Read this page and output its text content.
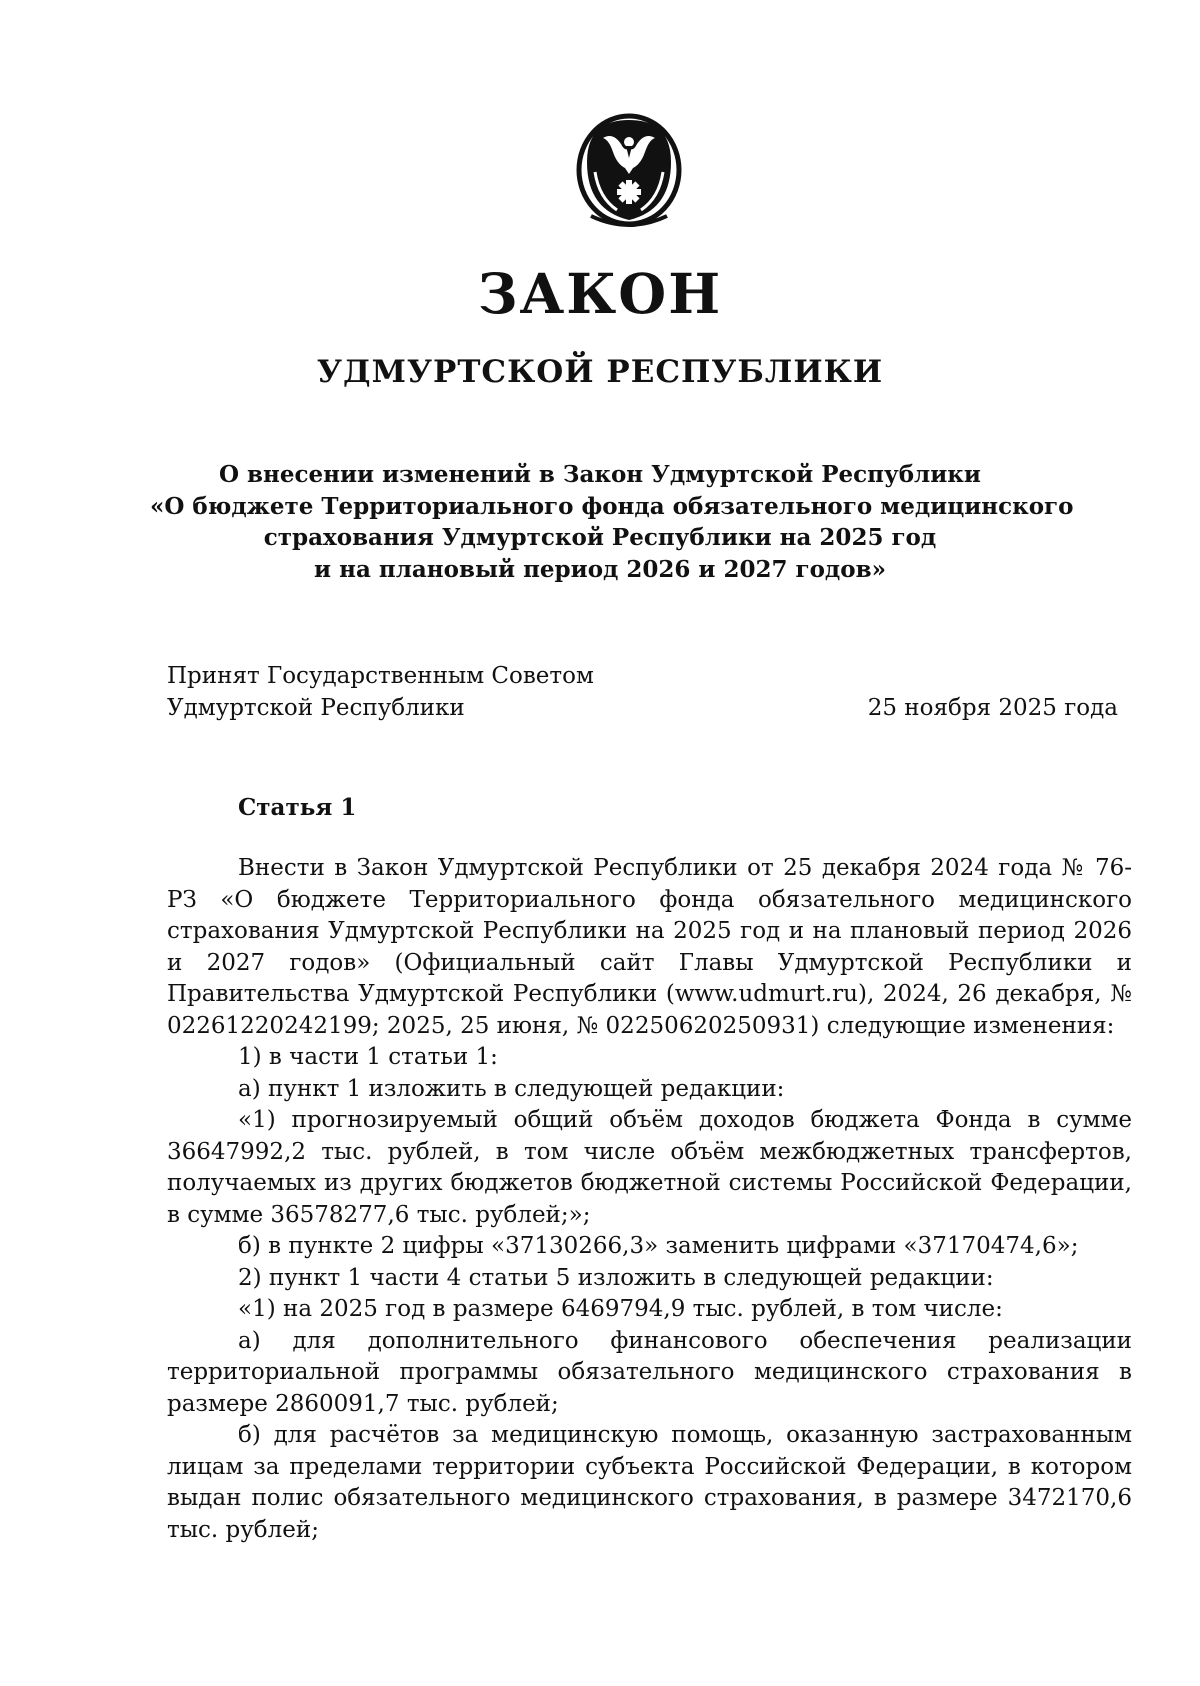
ЗАКОН
УДМУРТСКОЙ РЕСПУБЛИКИ
О внесении изменений в Закон Удмуртской Республики
«О бюджете Территориального фонда обязательного медицинского
страхования Удмуртской Республики на 2025 год
и на плановый период 2026 и 2027 годов»
Принят Государственным Советом
Удмуртской Республики	25 ноября 2025 года
Статья 1

Внести в Закон Удмуртской Республики от 25 декабря 2024 года № 76-РЗ «О бюджете Территориального фонда обязательного медицинского страхования Удмуртской Республики на 2025 год и на плановый период 2026 и 2027 годов» (Официальный сайт Главы Удмуртской Республики и Правительства Удмуртской Республики (www.udmurt.ru), 2024, 26 декабря, № 02261220242199; 2025, 25 июня, № 02250620250931) следующие изменения:

1) в части 1 статьи 1:

а) пункт 1 изложить в следующей редакции:

«1) прогнозируемый общий объём доходов бюджета Фонда в сумме 36647992,2 тыс. рублей, в том числе объём межбюджетных трансфертов, получаемых из других бюджетов бюджетной системы Российской Федерации, в сумме 36578277,6 тыс. рублей;»;

б) в пункте 2 цифры «37130266,3» заменить цифрами «37170474,6»;

2) пункт 1 части 4 статьи 5 изложить в следующей редакции:

«1) на 2025 год в размере 6469794,9 тыс. рублей, в том числе:

а) для дополнительного финансового обеспечения реализации территориальной программы обязательного медицинского страхования в размере 2860091,7 тыс. рублей;

б) для расчётов за медицинскую помощь, оказанную застрахованным лицам за пределами территории субъекта Российской Федерации, в котором выдан полис обязательного медицинского страхования, в размере 3472170,6 тыс. рублей;
